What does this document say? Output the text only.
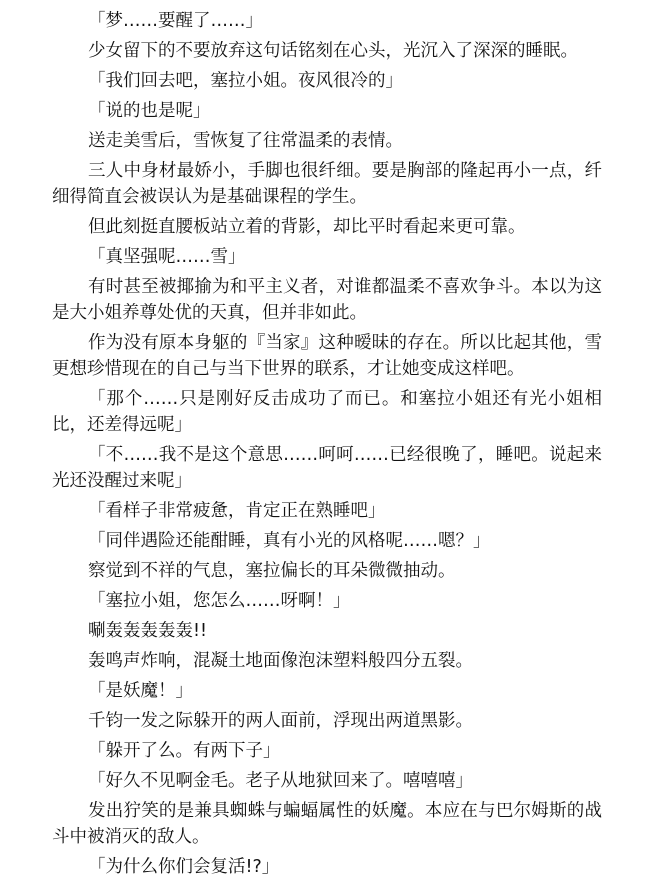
「梦……要醒了……」

少女留下的不要放弃这句话铭刻在心头，光沉入了深深的睡眠。

「我们回去吧，塞拉小姐。夜风很冷的」

「说的也是呢」

送走美雪后，雪恢复了往常温柔的表情。

三人中身材最娇小，手脚也很纤细。要是胸部的隆起再小一点，纤细得简直会被误认为是基础课程的学生。

但此刻挺直腰板站立着的背影，却比平时看起来更可靠。

「真坚强呢……雪」

有时甚至被揶揄为和平主义者，对谁都温柔不喜欢争斗。本以为这是大小姐养尊处优的天真，但并非如此。

作为没有原本身躯的『当家』这种暧昧的存在。所以比起其他，雪更想珍惜现在的自己与当下世界的联系，才让她变成这样吧。

「那个……只是刚好反击成功了而已。和塞拉小姐还有光小姐相比，还差得远呢」

「不……我不是这个意思……呵呵……已经很晚了，睡吧。说起来光还没醒过来呢」

「看样子非常疲惫，肯定正在熟睡吧」

「同伴遇险还能酣睡，真有小光的风格呢……嗯？」

察觉到不祥的气息，塞拉偏长的耳朵微微抽动。

「塞拉小姐，您怎么……呀啊！」

唰轰轰轰轰轰!!

轰鸣声炸响，混凝土地面像泡沫塑料般四分五裂。

「是妖魔！」

千钧一发之际躲开的两人面前，浮现出两道黑影。

「躲开了么。有两下子」

「好久不见啊金毛。老子从地狱回来了。嘻嘻嘻」

发出狞笑的是兼具蜘蛛与蝙蝠属性的妖魔。本应在与巴尔姆斯的战斗中被消灭的敌人。

「为什么你们会复活!?」
